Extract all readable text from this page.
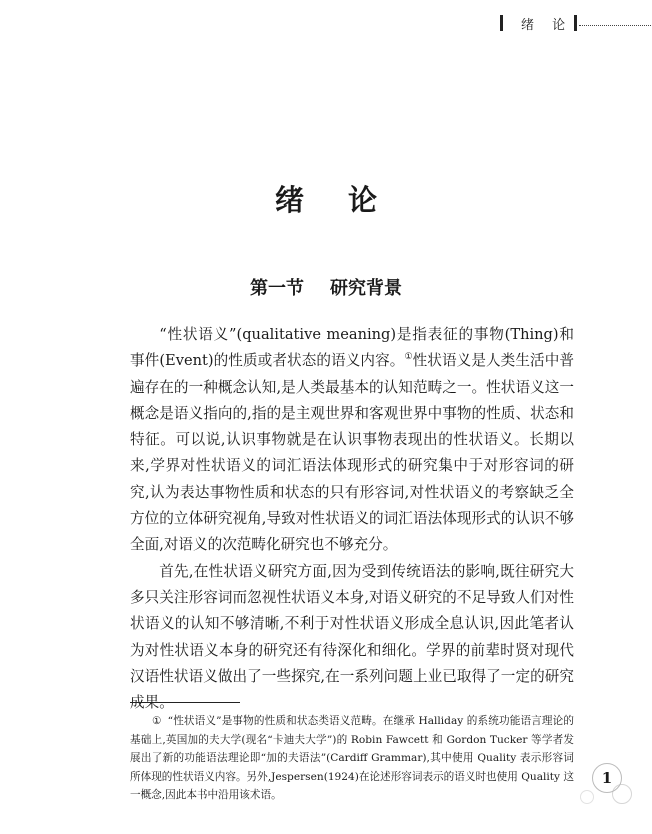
绪 论
绪论
第一节 研究背景

“性状语义”(qualitative meaning)是指表征的事物(Thing)和事件(Event)的性质或者状态的语义内容。①性状语义是人类生活中普遍存在的一种概念认知,是人类最基本的认知范畴之一。性状语义这一概念是语义指向的,指的是主观世界和客观世界中事物的性质、状态和特征。可以说,认识事物就是在认识事物表现出的性状语义。长期以来,学界对性状语义的词汇语法体现形式的研究集中于对形容词的研究,认为表达事物性质和状态的只有形容词,对性状语义的考察缺乏全方位的立体研究视角,导致对性状语义的词汇语法体现形式的认识不够全面,对语义的次范畴化研究也不够充分。

首先,在性状语义研究方面,因为受到传统语法的影响,既往研究大多只关注形容词而忽视性状语义本身,对语义研究的不足导致人们对性状语义的认知不够清晰,不利于对性状语义形成全息认识,因此笔者认为对性状语义本身的研究还有待深化和细化。学界的前辈时贤对现代汉语性状语义做出了一些探究,在一系列问题上业已取得了一定的研究成果。

① “性状语义”是事物的性质和状态类语义范畴。在继承 Halliday 的系统功能语言理论的基础上,英国加的夫大学(现名“卡迪夫大学”)的 Robin Fawcett 和 Gordon Tucker 等学者发展出了新的功能语法理论即“加的夫语法”(Cardiff Grammar),其中使用 Quality 表示形容词所体现的性状语义内容。另外,Jespersen(1924)在论述形容词表示的语义时也使用 Quality 这一概念,因此本书中沿用该术语。
1
